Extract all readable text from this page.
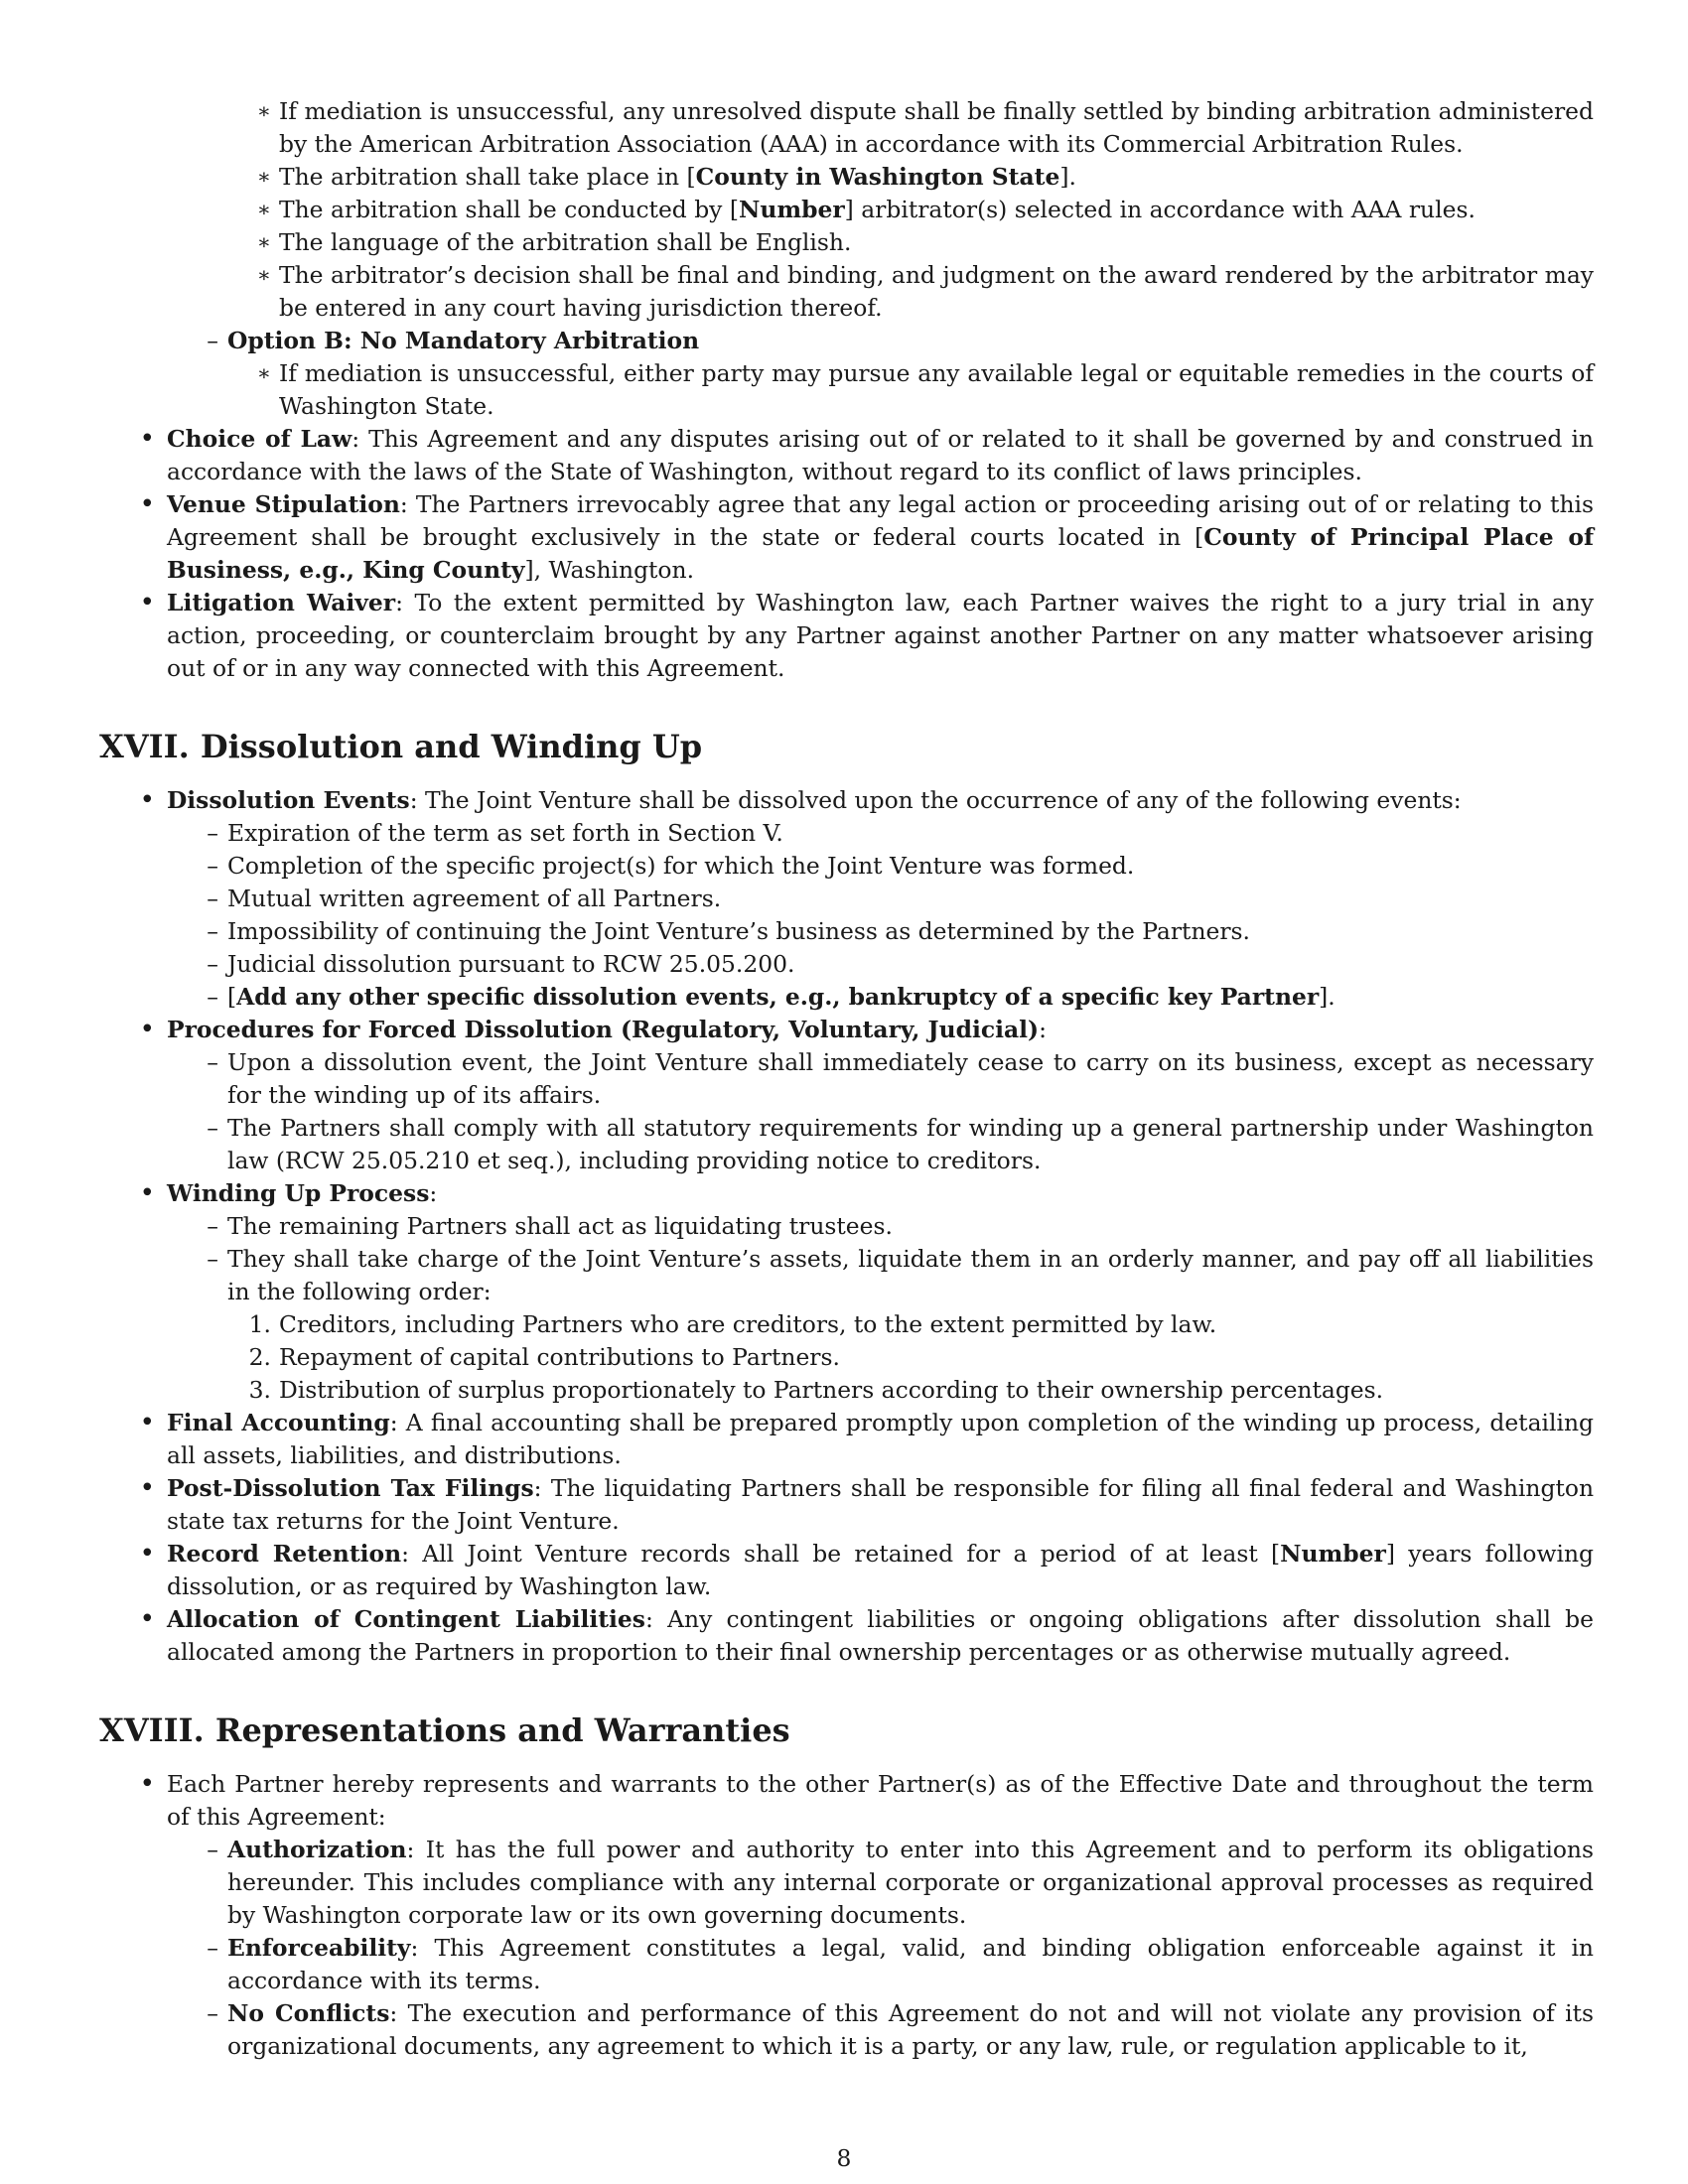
∗ If mediation is unsuccessful, any unresolved dispute shall be finally settled by binding arbitration administered by the American Arbitration Association (AAA) in accordance with its Commercial Arbitration Rules.
∗ The arbitration shall take place in [County in Washington State].
∗ The arbitration shall be conducted by [Number] arbitrator(s) selected in accordance with AAA rules.
∗ The language of the arbitration shall be English.
∗ The arbitrator’s decision shall be final and binding, and judgment on the award rendered by the arbitrator may be entered in any court having jurisdiction thereof.
– Option B: No Mandatory Arbitration
∗ If mediation is unsuccessful, either party may pursue any available legal or equitable remedies in the courts of Washington State.
• Choice of Law: This Agreement and any disputes arising out of or related to it shall be governed by and construed in accordance with the laws of the State of Washington, without regard to its conflict of laws principles.
• Venue Stipulation: The Partners irrevocably agree that any legal action or proceeding arising out of or relating to this Agreement shall be brought exclusively in the state or federal courts located in [County of Principal Place of Business, e.g., King County], Washington.
• Litigation Waiver: To the extent permitted by Washington law, each Partner waives the right to a jury trial in any action, proceeding, or counterclaim brought by any Partner against another Partner on any matter whatsoever arising out of or in any way connected with this Agreement.
XVII. Dissolution and Winding Up
• Dissolution Events: The Joint Venture shall be dissolved upon the occurrence of any of the following events:
– Expiration of the term as set forth in Section V.
– Completion of the specific project(s) for which the Joint Venture was formed.
– Mutual written agreement of all Partners.
– Impossibility of continuing the Joint Venture’s business as determined by the Partners.
– Judicial dissolution pursuant to RCW 25.05.200.
– [Add any other specific dissolution events, e.g., bankruptcy of a specific key Partner].
• Procedures for Forced Dissolution (Regulatory, Voluntary, Judicial):
– Upon a dissolution event, the Joint Venture shall immediately cease to carry on its business, except as necessary for the winding up of its affairs.
– The Partners shall comply with all statutory requirements for winding up a general partnership under Washington law (RCW 25.05.210 et seq.), including providing notice to creditors.
• Winding Up Process:
– The remaining Partners shall act as liquidating trustees.
– They shall take charge of the Joint Venture’s assets, liquidate them in an orderly manner, and pay off all liabilities in the following order:
1. Creditors, including Partners who are creditors, to the extent permitted by law.
2. Repayment of capital contributions to Partners.
3. Distribution of surplus proportionately to Partners according to their ownership percentages.
• Final Accounting: A final accounting shall be prepared promptly upon completion of the winding up process, detailing all assets, liabilities, and distributions.
• Post-Dissolution Tax Filings: The liquidating Partners shall be responsible for filing all final federal and Washington state tax returns for the Joint Venture.
• Record Retention: All Joint Venture records shall be retained for a period of at least [Number] years following dissolution, or as required by Washington law.
• Allocation of Contingent Liabilities: Any contingent liabilities or ongoing obligations after dissolution shall be allocated among the Partners in proportion to their final ownership percentages or as otherwise mutually agreed.
XVIII. Representations and Warranties
• Each Partner hereby represents and warrants to the other Partner(s) as of the Effective Date and throughout the term of this Agreement:
– Authorization: It has the full power and authority to enter into this Agreement and to perform its obligations hereunder. This includes compliance with any internal corporate or organizational approval processes as required by Washington corporate law or its own governing documents.
– Enforceability: This Agreement constitutes a legal, valid, and binding obligation enforceable against it in accordance with its terms.
– No Conflicts: The execution and performance of this Agreement do not and will not violate any provision of its organizational documents, any agreement to which it is a party, or any law, rule, or regulation applicable to it,
8
